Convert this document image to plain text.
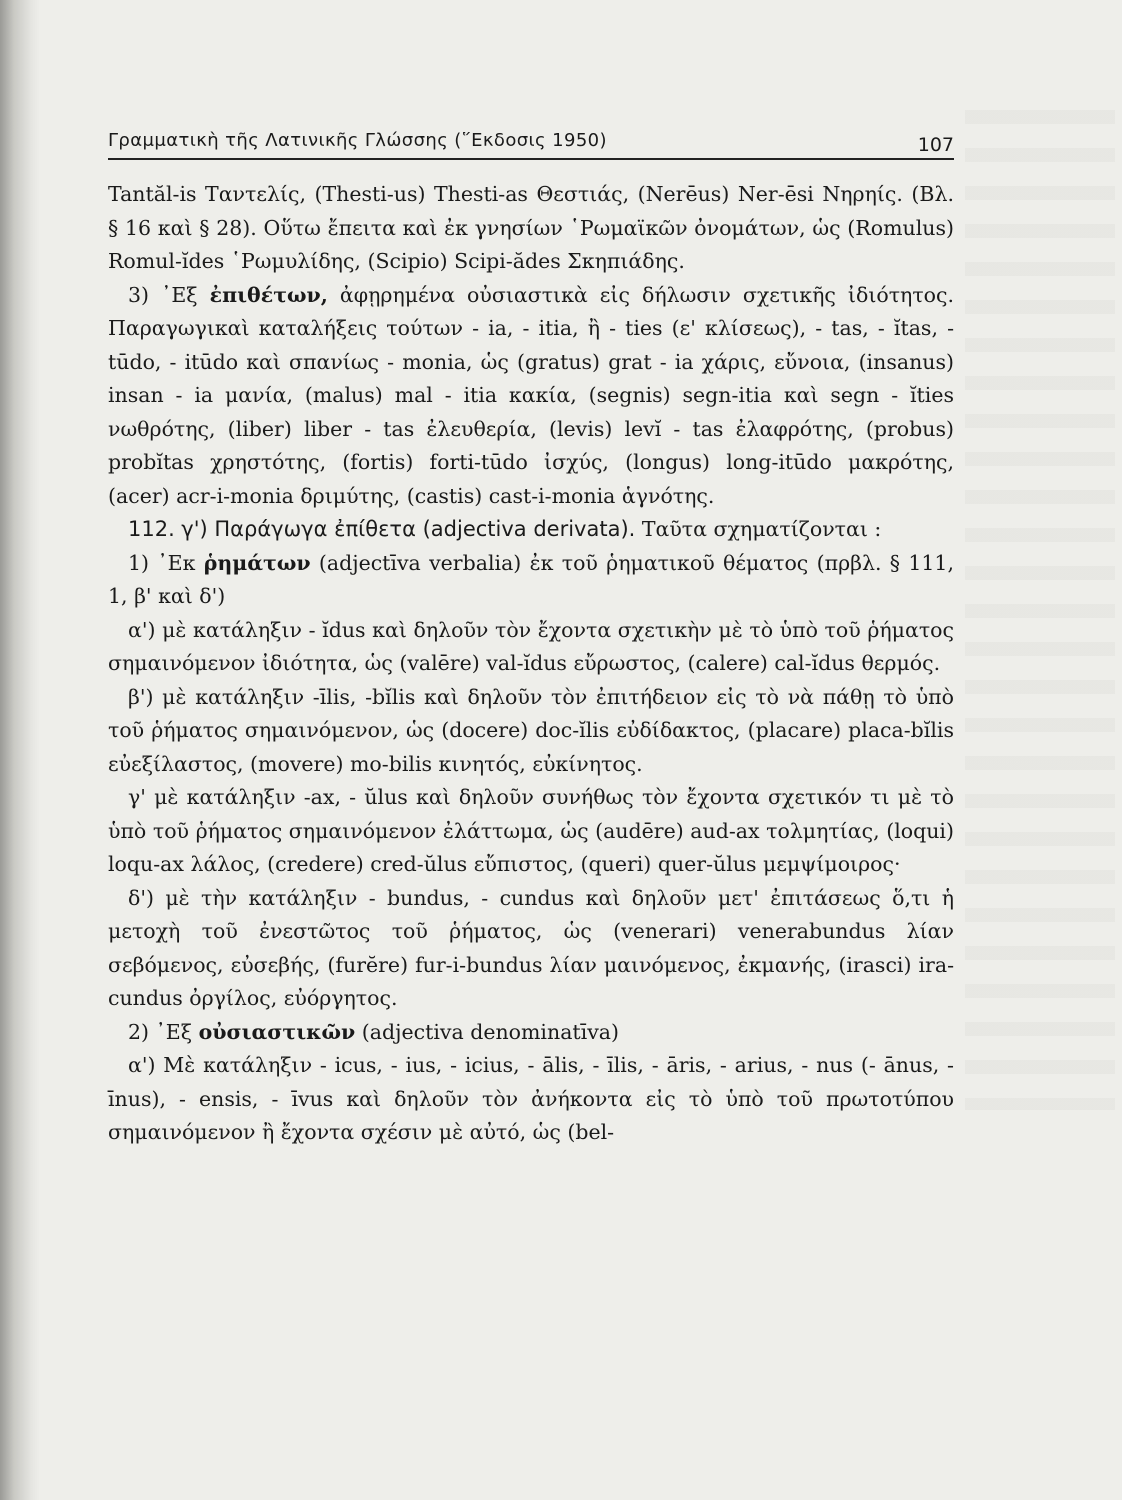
Γραμματικὴ τῆς Λατινικῆς Γλώσσης (῞Εκδοσις 1950)	107

Tantăl-is Ταντελίς, (Thesti-us) Thesti-as Θεστιάς, (Nerēus) Ner-ēsi Νηρηίς. (Βλ. § 16 καὶ § 28). Οὕτω ἔπειτα καὶ ἐκ γνησίων ῾Ρωμαϊκῶν ὀνομάτων, ὡς (Romulus) Romul-ĭdes ῾Ρωμυλίδης, (Scipio) Scipi-ădes Σκηπιάδης.

3) ᾿Εξ ἐπιθέτων, ἀφῃρημένα οὐσιαστικὰ εἰς δήλωσιν σχετικῆς ἰδιότητος. Παραγωγικαὶ καταλήξεις τούτων - ia, - itia, ἢ - ties (ε' κλίσεως), - tas, - ĭtas, - tūdo, - itūdo καὶ σπανίως - monia, ὡς (gratus) grat - ia χάρις, εὔνοια, (insanus) insan - ia μανία, (malus) mal - itia κακία, (segnis) segn-itia καὶ segn - ĭties νωθρότης, (liber) liber - tas ἐλευθερία, (levis) levĭ - tas ἐλαφρότης, (probus) probĭtas χρηστότης, (fortis) forti-tūdo ἰσχύς, (longus) long-itūdo μακρότης, (acer) acr-i-monia δριμύτης, (castis) cast-i-monia ἁγνότης.

112. γ') Παράγωγα ἐπίθετα (adjectiva derivata). Ταῦτα σχηματίζονται :

1) ᾿Εκ ῥημάτων (adjectīva verbalia) ἐκ τοῦ ῥηματικοῦ θέματος (πρβλ. § 111, 1, β' καὶ δ')

α') μὲ κατάληξιν - ĭdus καὶ δηλοῦν τὸν ἔχοντα σχετικὴν μὲ τὸ ὑπὸ τοῦ ῥήματος σημαινόμενον ἰδιότητα, ὡς (valēre) val-ĭdus εὔρωστος, (calere) cal-ĭdus θερμός.

β') μὲ κατάληξιν -īlis, -bĭlis καὶ δηλοῦν τὸν ἐπιτήδειον εἰς τὸ νὰ πάθῃ τὸ ὑπὸ τοῦ ῥήματος σημαινόμενον, ὡς (docere) doc-ĭlis εὐδίδακτος, (placare) placa-bĭlis εὐεξίλαστος, (movere) mo-bilis κινητός, εὐκίνητος.

γ' μὲ κατάληξιν -ax, - ŭlus καὶ δηλοῦν συνήθως τὸν ἔχοντα σχετικόν τι μὲ τὸ ὑπὸ τοῦ ῥήματος σημαινόμενον ἐλάττωμα, ὡς (audēre) aud-ax τολμητίας, (loqui) loqu-ax λάλος, (credere) cred-ŭlus εὔπιστος, (queri) quer-ŭlus μεμψίμοιρος·

δ') μὲ τὴν κατάληξιν - bundus, - cundus καὶ δηλοῦν μετ' ἐπιτάσεως ὅ,τι ἡ μετοχὴ τοῦ ἐνεστῶτος τοῦ ῥήματος, ὡς (venerari) venerabundus λίαν σεβόμενος, εὐσεβής, (furĕre) fur-i-bundus λίαν μαινόμενος, ἐκμανής, (irasci) ira-cundus ὀργίλος, εὐόργητος.

2) ᾿Εξ οὐσιαστικῶν (adjectiva denominatīva)

α') Μὲ κατάληξιν - icus, - ius, - icius, - ālis, - īlis, - āris, - arius, - nus (- ānus, - īnus), - ensis, - īvus καὶ δηλοῦν τὸν ἀνήκοντα εἰς τὸ ὑπὸ τοῦ πρωτοτύπου σημαινόμενον ἢ ἔχοντα σχέσιν μὲ αὐτό, ὡς (bel-
